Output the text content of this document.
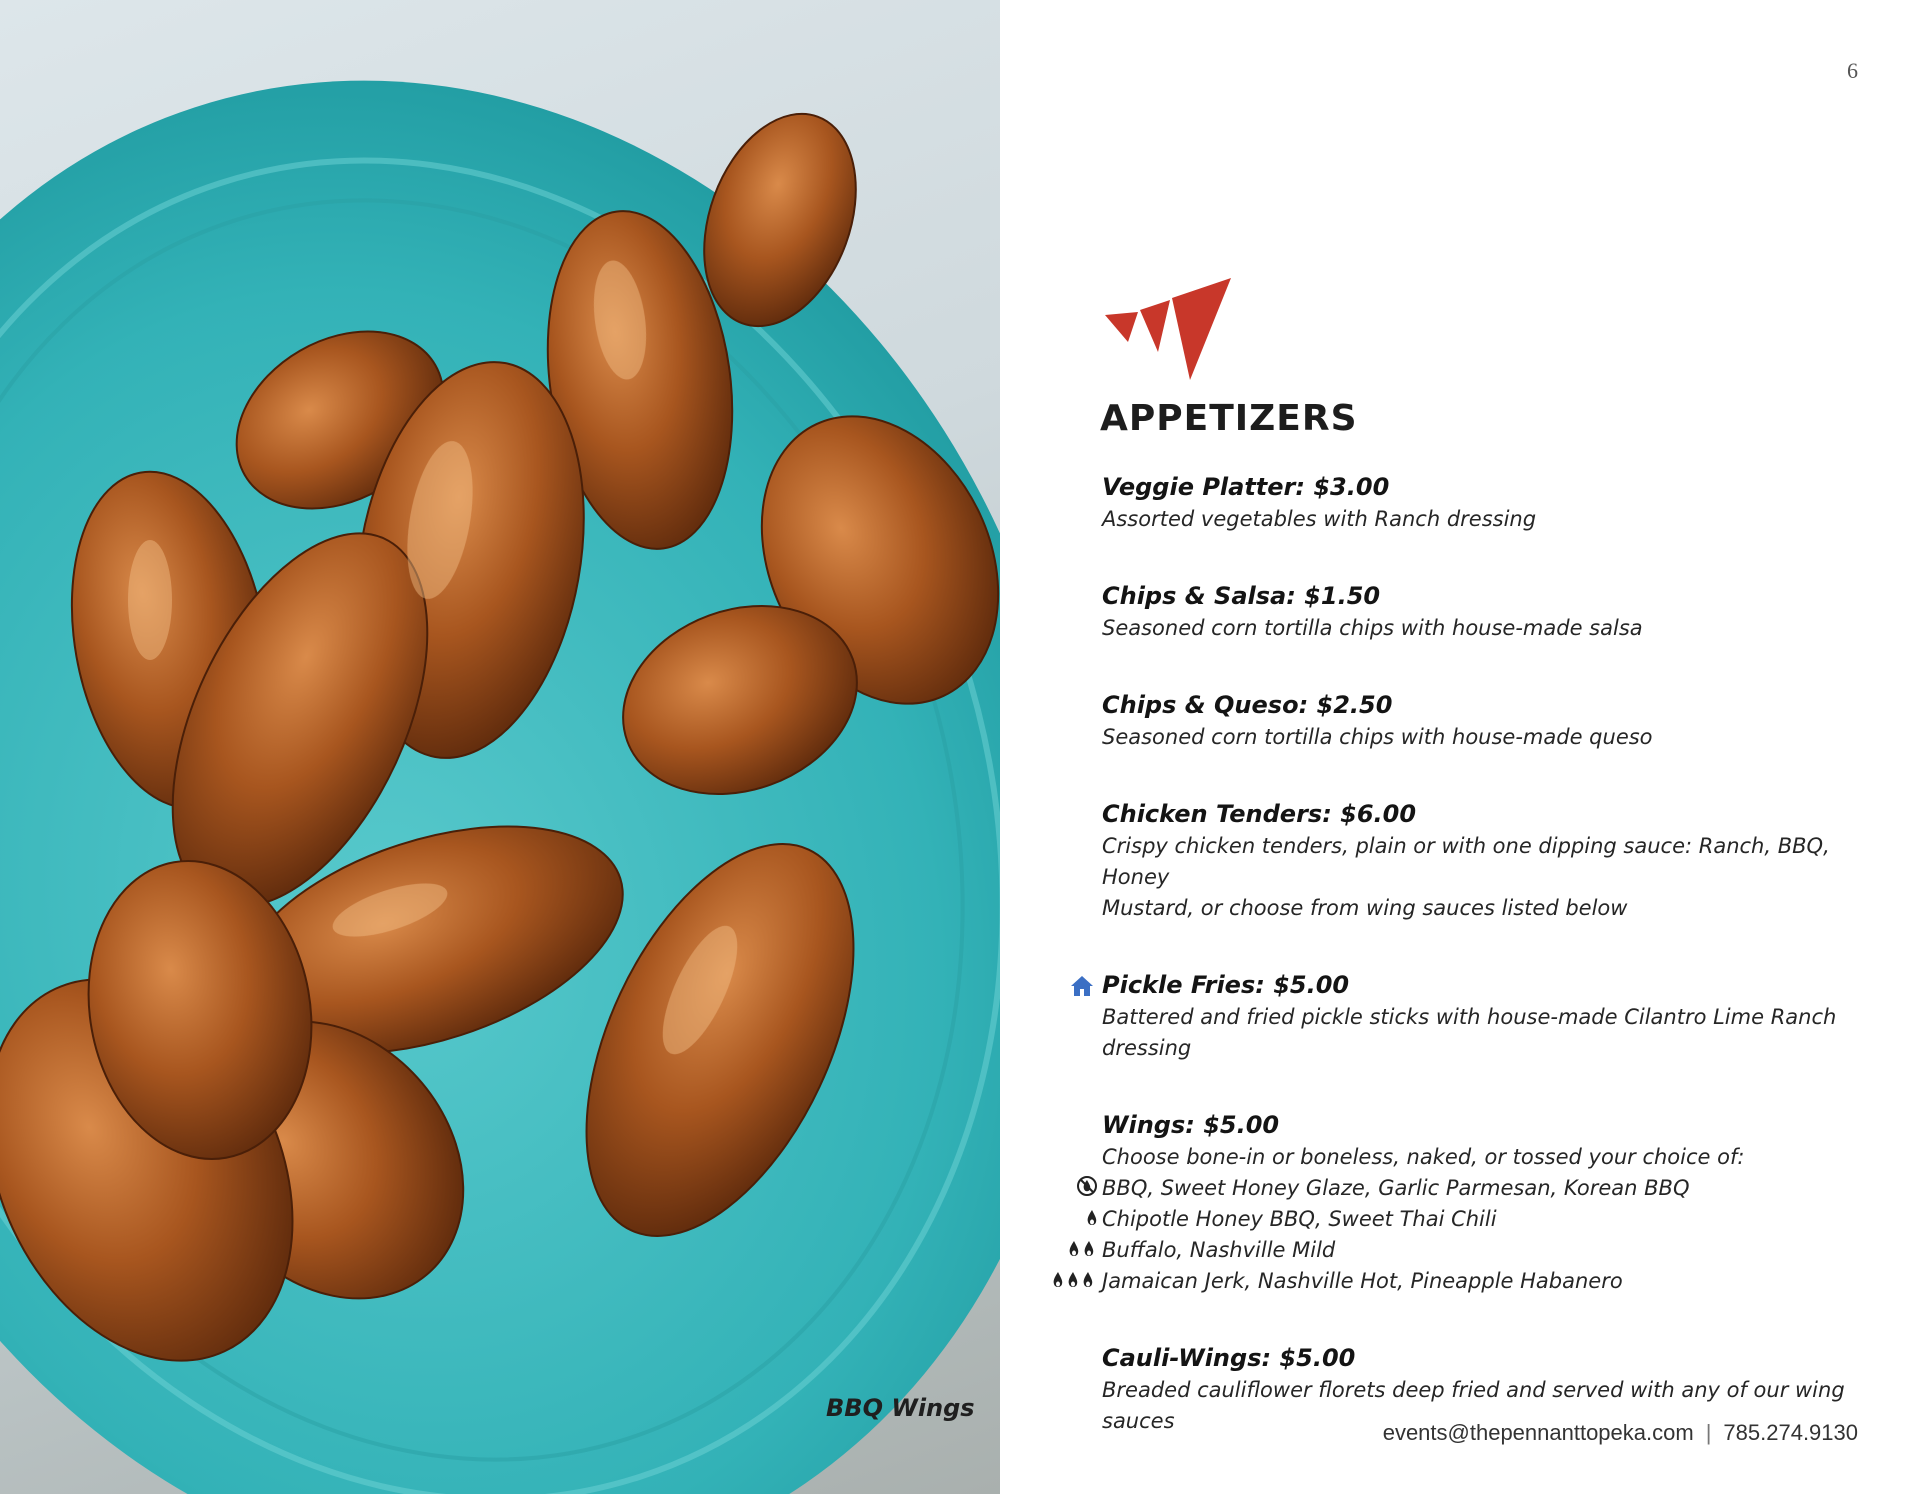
BBQ Wings
6
APPETIZERS
Veggie Platter: $3.00
Assorted vegetables with Ranch dressing
Chips & Salsa: $1.50
Seasoned corn tortilla chips with house-made salsa
Chips & Queso: $2.50
Seasoned corn tortilla chips with house-made queso
Chicken Tenders: $6.00
Crispy chicken tenders, plain or with one dipping sauce: Ranch, BBQ, Honey
Mustard, or choose from wing sauces listed below
Pickle Fries: $5.00
Battered and fried pickle sticks with house-made Cilantro Lime Ranch
dressing
Wings: $5.00
Choose bone-in or boneless, naked, or tossed your choice of:
BBQ, Sweet Honey Glaze, Garlic Parmesan, Korean BBQ
Chipotle Honey BBQ, Sweet Thai Chili
Buffalo, Nashville Mild
Jamaican Jerk, Nashville Hot, Pineapple Habanero
Cauli-Wings: $5.00
Breaded cauliflower florets deep fried and served with any of our wing sauces	events@thepennanttopeka.com | 785.274.9130
